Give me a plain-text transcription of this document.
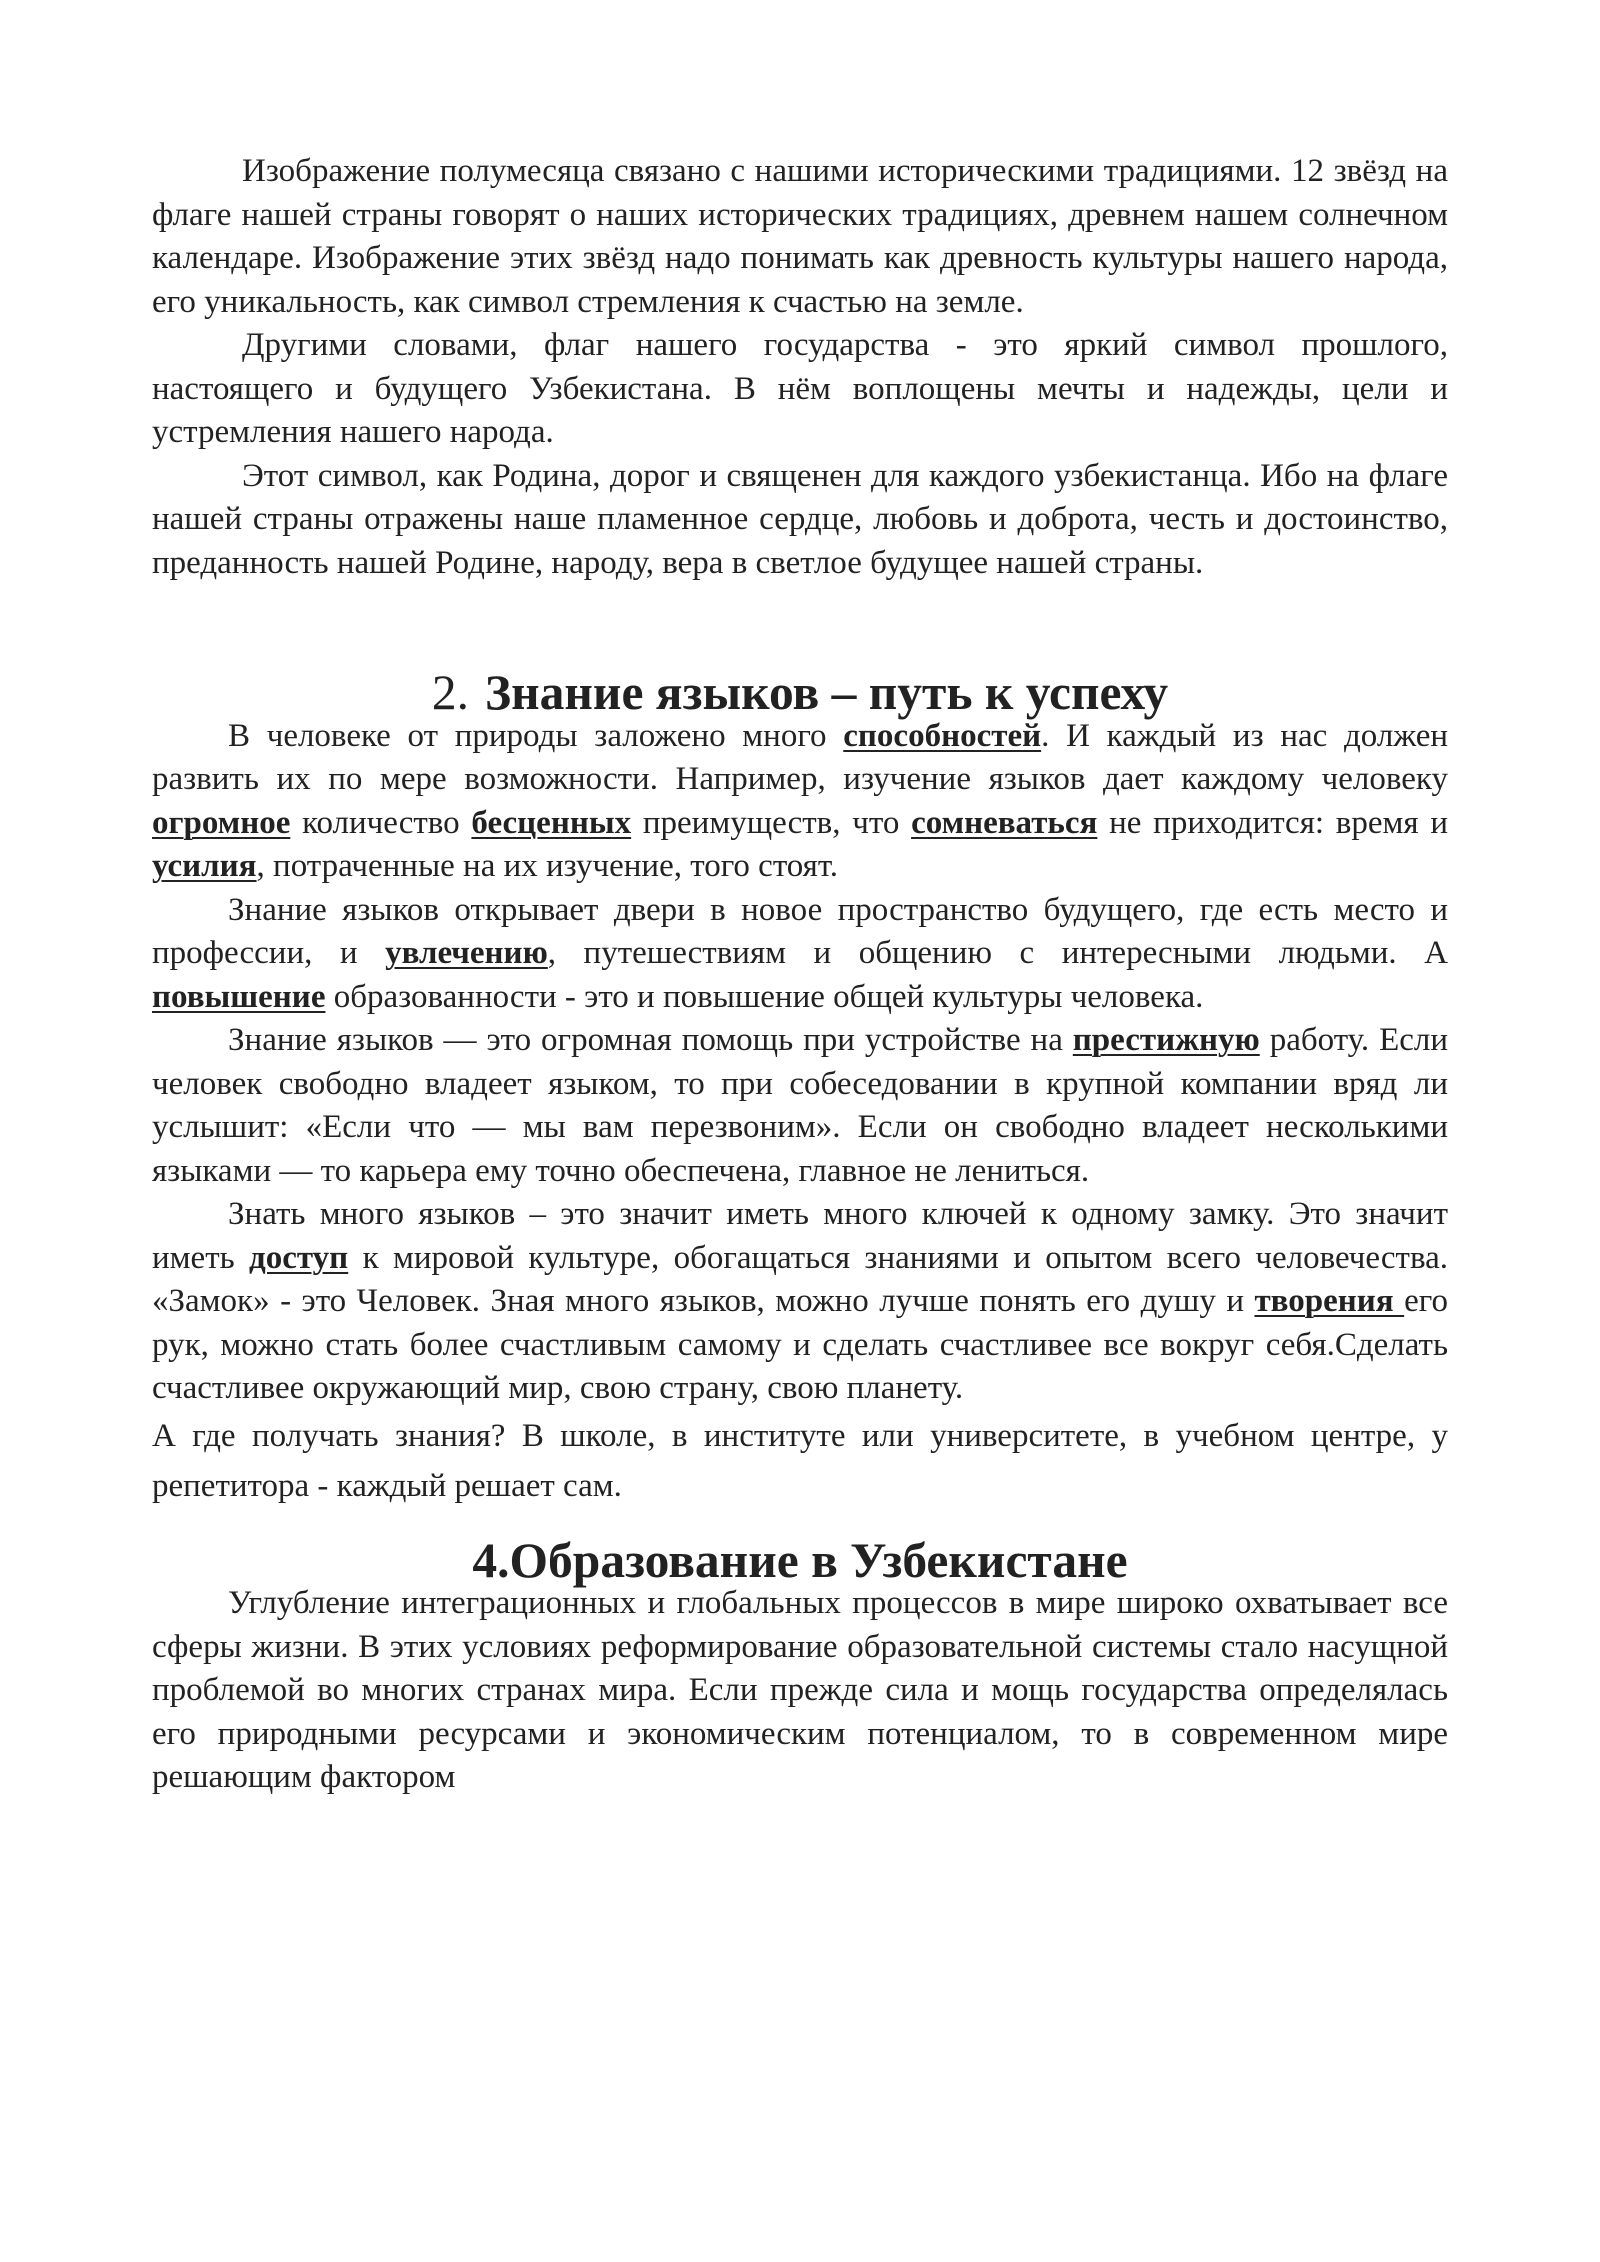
Изображение полумесяца связано с нашими историческими традициями. 12 звёзд на флаге нашей страны говорят о наших исторических традициях, древнем нашем солнечном календаре. Изображение этих звёзд надо понимать как древность культуры нашего народа, его уникальность, как символ стремления к счастью на земле.

Другими словами, флаг нашего государства - это яркий символ прошлого, настоящего и будущего Узбекистана. В нём воплощены мечты и надежды, цели и устремления нашего народа.

Этот символ, как Родина, дорог и священен для каждого узбекистанца. Ибо на флаге нашей страны отражены наше пламенное сердце, любовь и доброта, честь и достоинство, преданность нашей Родине, народу, вера в светлое будущее нашей страны.

2. Знание языков – путь к успеху

В человеке от природы заложено много способностей. И каждый из нас должен развить их по мере возможности. Например, изучение языков дает каждому человеку огромное количество бесценных преимуществ, что сомневаться не приходится: время и усилия, потраченные на их изучение, того стоят.

Знание языков открывает двери в новое пространство будущего, где есть место и профессии, и увлечению, путешествиям и общению с интересными людьми. А повышение образованности - это и повышение общей культуры человека.

Знание языков — это огромная помощь при устройстве на престижную работу. Если человек свободно владеет языком, то при собеседовании в крупной компании вряд ли услышит: «Если что — мы вам перезвоним». Если он свободно владеет несколькими языками — то карьера ему точно обеспечена, главное не лениться.

Знать много языков – это значит иметь много ключей к одному замку. Это значит иметь доступ к мировой культуре, обогащаться знаниями и опытом всего человечества. «Замок» - это Человек. Зная много языков, можно лучше понять его душу и творения его рук, можно стать более счастливым самому и сделать счастливее все вокруг себя.Сделать счастливее окружающий мир, свою страну, свою планету.

А где получать знания? В школе, в институте или университете, в учебном центре, у репетитора - каждый решает сам.

4.Образование в Узбекистане

Углубление интеграционных и глобальных процессов в мире широко охватывает все сферы жизни. В этих условиях реформирование образовательной системы стало насущной проблемой во многих странах мира. Если прежде сила и мощь государства определялась его природными ресурсами и экономическим потенциалом, то в современном мире решающим фактором
